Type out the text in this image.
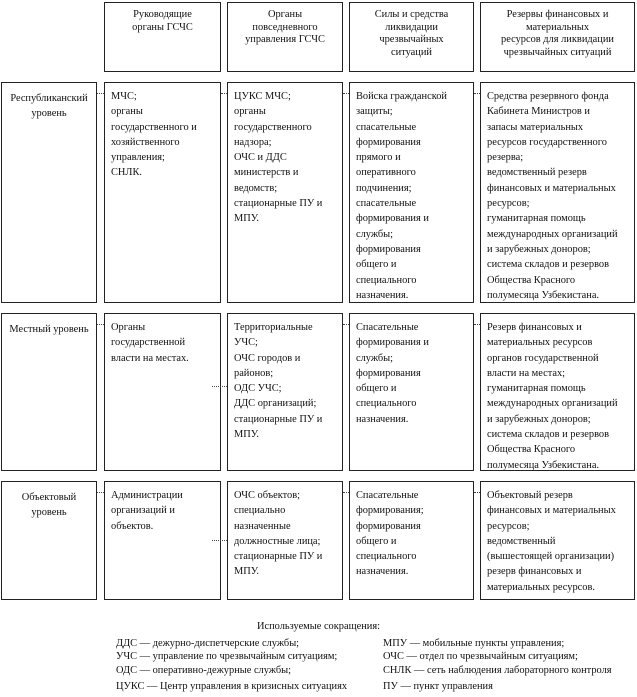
Руководящие
органы ГСЧС
Органы
повседневного
управления ГСЧС
Силы и средства
ликвидации
чрезвычайных
ситуаций
Резервы финансовых и
материальных
ресурсов для ликвидации
чрезвычайных ситуаций
Республиканский
уровень
МЧС;
органы
государственного и
хозяйственного
управления;
СНЛК.
ЦУКС МЧС;
органы
государственного
надзора;
ОЧС и ДДС
министерств и
ведомств;
стационарные ПУ и
МПУ.
Войска гражданской
защиты;
спасательные
формирования
прямого и
оперативного
подчинения;
спасательные
формирования и
службы;
формирования
общего и
специального
назначения.
Средства резервного фонда
Кабинета Министров и
запасы материальных
ресурсов государственного
резерва;
ведомственный резерв
финансовых и материальных
ресурсов;
гуманитарная помощь
международных организаций
и зарубежных доноров;
система складов и резервов
Общества Красного
полумесяца Узбекистана.
Местный уровень	Органы
государственной
власти на местах.
Территориальные
УЧС;
ОЧС городов и
районов;
ОДС УЧС;
ДДС организаций;
стационарные ПУ и
МПУ.
Спасательные
формирования и
службы;
формирования
общего и
специального
назначения.
Резерв финансовых и
материальных ресурсов
органов государственной
власти на местах;
гуманитарная помощь
международных организаций
и зарубежных доноров;
система складов и резервов
Общества Красного
полумесяца Узбекистана.
Объектовый
уровень
Администрации
организаций и
объектов.
ОЧС объектов;
специально
назначенные
должностные лица;
стационарные ПУ и
МПУ.
Спасательные
формирования;
формирования
общего и
специального
назначения.
Объектовый резерв
финансовых и материальных
ресурсов;
ведомственный
(вышестоящей организации)
резерв финансовых и
материальных ресурсов.
Используемые сокращения:
ДДС — дежурно-диспетчерские службы;
УЧС — управление по чрезвычайным ситуациям;
ОДС — оперативно-дежурные службы;
ЦУКС — Центр управления в кризисных ситуациях
МПУ — мобильные пункты управления;
ОЧС — отдел по чрезвычайным ситуациям;
СНЛК — сеть наблюдения лабораторного контроля
ПУ — пункт управления
